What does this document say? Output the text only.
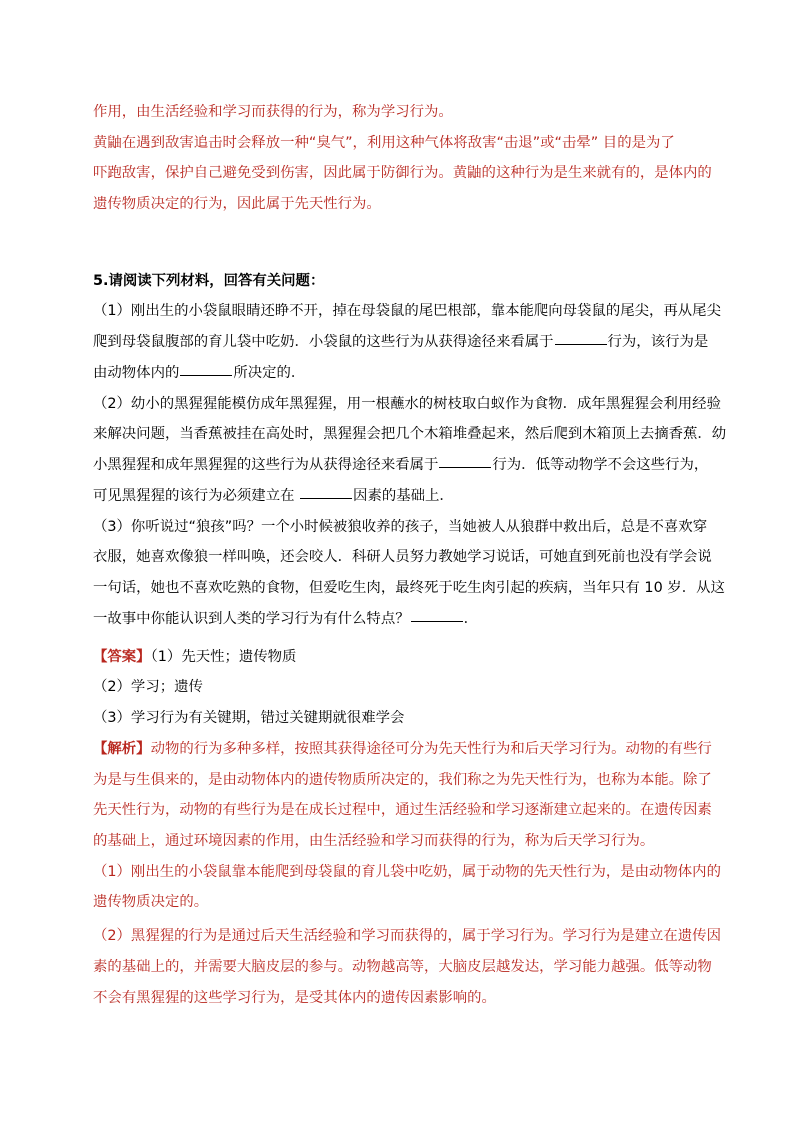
作用，由生活经验和学习而获得的行为，称为学习行为。
黄鼬在遇到敌害追击时会释放一种“臭气”，利用这种气体将敌害“击退”或“击晕” 目的是为了
吓跑敌害，保护自己避免受到伤害，因此属于防御行为。黄鼬的这种行为是生来就有的，是体内的
遗传物质决定的行为，因此属于先天性行为。
5.请阅读下列材料，回答有关问题：
（1）刚出生的小袋鼠眼睛还睁不开，掉在母袋鼠的尾巴根部，靠本能爬向母袋鼠的尾尖，再从尾尖
爬到母袋鼠腹部的育儿袋中吃奶．小袋鼠的这些行为从获得途径来看属于	行为，该行为是
由动物体内的	所决定的．
（2）幼小的黑猩猩能模仿成年黑猩猩，用一根蘸水的树枝取白蚁作为食物．成年黑猩猩会利用经验
来解决问题，当香蕉被挂在高处时，黑猩猩会把几个木箱堆叠起来，然后爬到木箱顶上去摘香蕉．幼
小黑猩猩和成年黑猩猩的这些行为从获得途径来看属于	行为．低等动物学不会这些行为，
可见黑猩猩的该行为必须建立在	因素的基础上．
（3）你听说过“狼孩”吗？一个小时候被狼收养的孩子，当她被人从狼群中救出后，总是不喜欢穿
衣服，她喜欢像狼一样叫唤，还会咬人．科研人员努力教她学习说话，可她直到死前也没有学会说
一句话，她也不喜欢吃熟的食物，但爱吃生肉，最终死于吃生肉引起的疾病，当年只有 10 岁．从这
一故事中你能认识到人类的学习行为有什么特点？	．
【答案】（1）先天性；遗传物质
（2）学习；遗传
（3）学习行为有关键期，错过关键期就很难学会
【解析】动物的行为多种多样，按照其获得途径可分为先天性行为和后天学习行为。动物的有些行
为是与生俱来的，是由动物体内的遗传物质所决定的，我们称之为先天性行为，也称为本能。除了
先天性行为，动物的有些行为是在成长过程中，通过生活经验和学习逐渐建立起来的。在遗传因素
的基础上，通过环境因素的作用，由生活经验和学习而获得的行为，称为后天学习行为。
（1）刚出生的小袋鼠靠本能爬到母袋鼠的育儿袋中吃奶，属于动物的先天性行为，是由动物体内的
遗传物质决定的。
（2）黑猩猩的行为是通过后天生活经验和学习而获得的，属于学习行为。学习行为是建立在遗传因
素的基础上的，并需要大脑皮层的参与。动物越高等，大脑皮层越发达，学习能力越强。低等动物
不会有黑猩猩的这些学习行为，是受其体内的遗传因素影响的。
